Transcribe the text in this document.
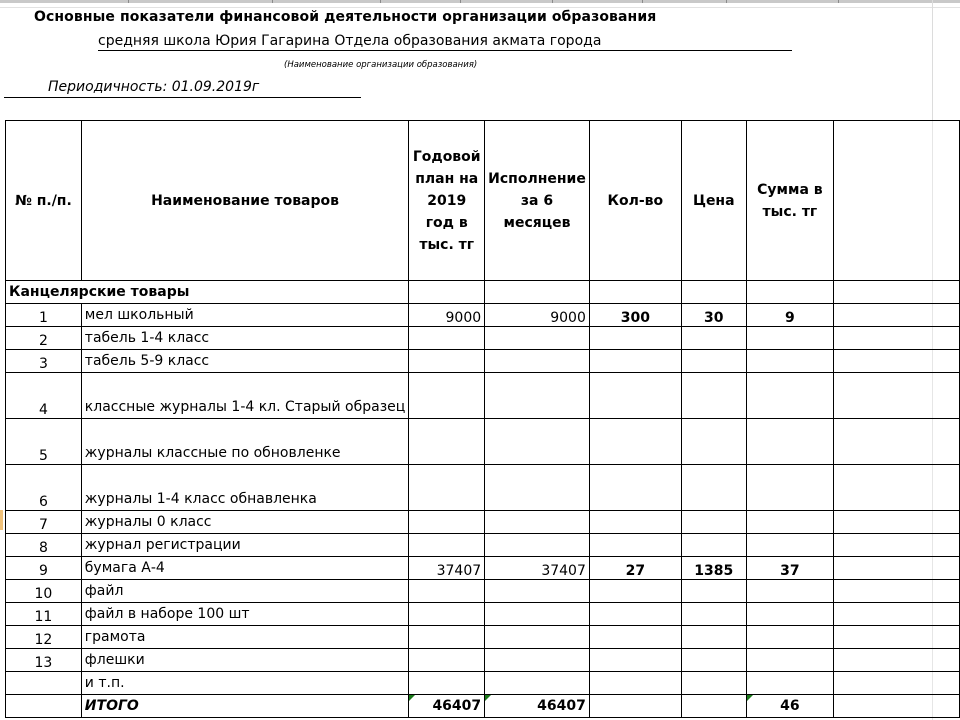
Основные показатели финансовой деятельности организации образования
средняя школа Юрия Гагарина Отдела образования акмата города
(Наименование организации образования)
Периодичность: 01.09.2019г
№ п./п.	Наименование товаров	Годовой план на 2019 год в тыс. тг	Исполнение за 6 месяцев	Кол-во	Цена	Сумма в тыс. тг	
Канцелярские товары							
1	мел школьный	9000	9000	300	30	9	
2	табель 1-4 класс						
3	табель 5-9 класс						
4	классные журналы 1-4 кл. Старый образец						
5	журналы классные по обновленке						
6	журналы 1-4 класс обнавленка						
7	журналы 0 класс						
8	журнал регистрации						
9	бумага А-4	37407	37407	27	1385	37	
10	файл						
11	файл в наборе 100 шт						
12	грамота						
13	флешки						
	и т.п.						
	ИТОГО	46407	46407			46	
